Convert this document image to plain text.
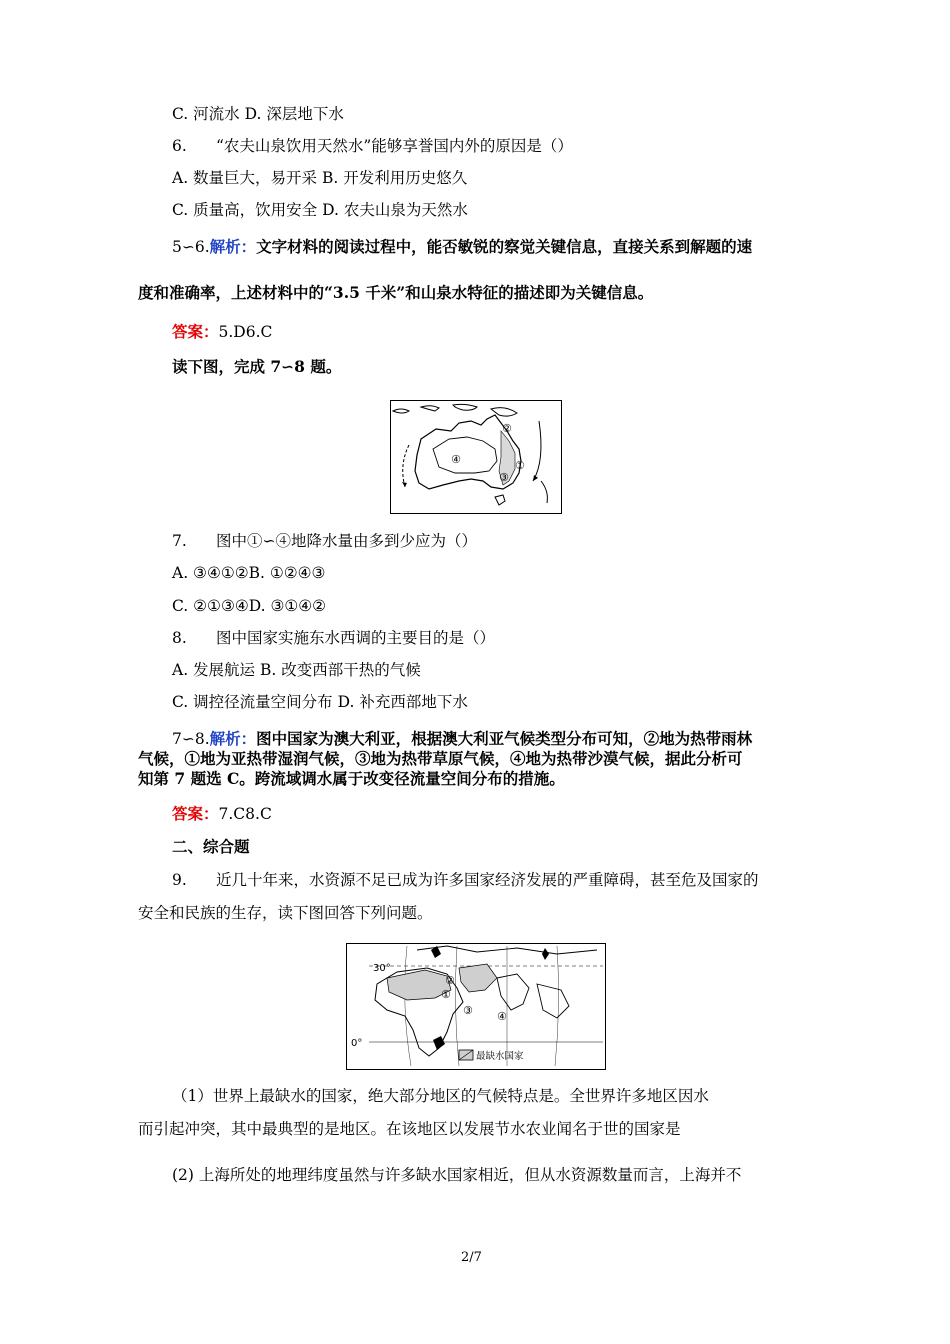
C. 河流水 D. 深层地下水
6. “农夫山泉饮用天然水”能够享誉国内外的原因是（）
A. 数量巨大，易开采 B. 开发利用历史悠久
C. 质量高，饮用安全 D. 农夫山泉为天然水
5∽6.解析：文字材料的阅读过程中，能否敏锐的察觉关键信息，直接关系到解题的速
度和准确率，上述材料中的“3.5 千米”和山泉水特征的描述即为关键信息。
答案：5.D6.C
读下图，完成 7∽8 题。
②
④	①
③
7. 图中①∽④地降水量由多到少应为（）
A. ③④①②B. ①②④③
C. ②①③④D. ③①④②
8. 图中国家实施东水西调的主要目的是（）
A. 发展航运 B. 改变西部干热的气候
C. 调控径流量空间分布 D. 补充西部地下水
7∽8.解析：图中国家为澳大利亚，根据澳大利亚气候类型分布可知，②地为热带雨林
气候，①地为亚热带湿润气候，③地为热带草原气候，④地为热带沙漠气候，据此分析可
知第 7 题选 C。跨流域调水属于改变径流量空间分布的措施。
答案：7.C8.C
二、综合题
9. 近几十年来，水资源不足已成为许多国家经济发展的严重障碍，甚至危及国家的
安全和民族的生存，读下图回答下列问题。
30°
0°
②
①
③ ④
最缺水国家
（1）世界上最缺水的国家，绝大部分地区的气候特点是。全世界许多地区因水
而引起冲突，其中最典型的是地区。在该地区以发展节水农业闻名于世的国家是
(2) 上海所处的地理纬度虽然与许多缺水国家相近，但从水资源数量而言，上海并不
2/7
